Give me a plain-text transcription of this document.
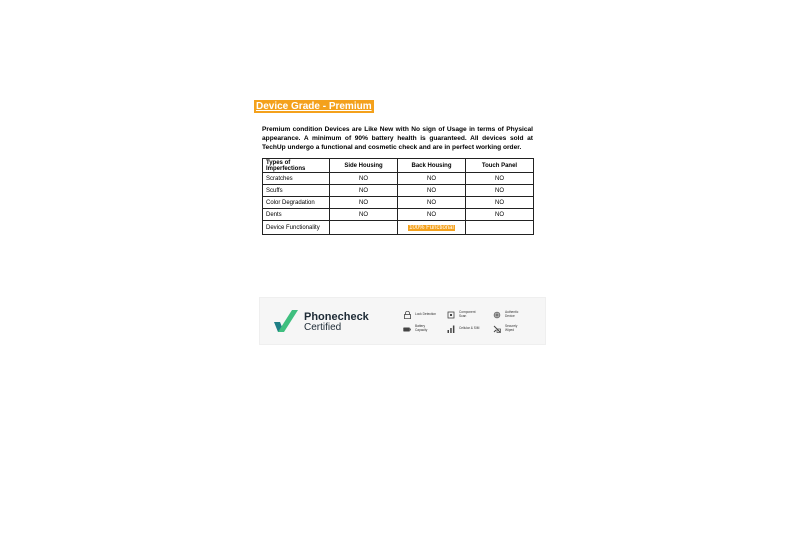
Device Grade - Premium
Premium condition Devices are Like New with No sign of Usage in terms of Physical appearance. A minimum of 90% battery health is guaranteed. All devices sold at TechUp undergo a functional and cosmetic check and are in perfect working order.
Types of Imperfections	Side Housing	Back Housing	Touch Panel
Scratches	NO	NO	NO
Scuffs	NO	NO	NO
Color Degradation	NO	NO	NO
Dents	NO	NO	NO
Device Functionality		100% Functional	
Phonecheck
Certified
Lock Detection	Component Scan
Authentic Device
Battery Capacity	Cellular & SIM	Securely Wiped
